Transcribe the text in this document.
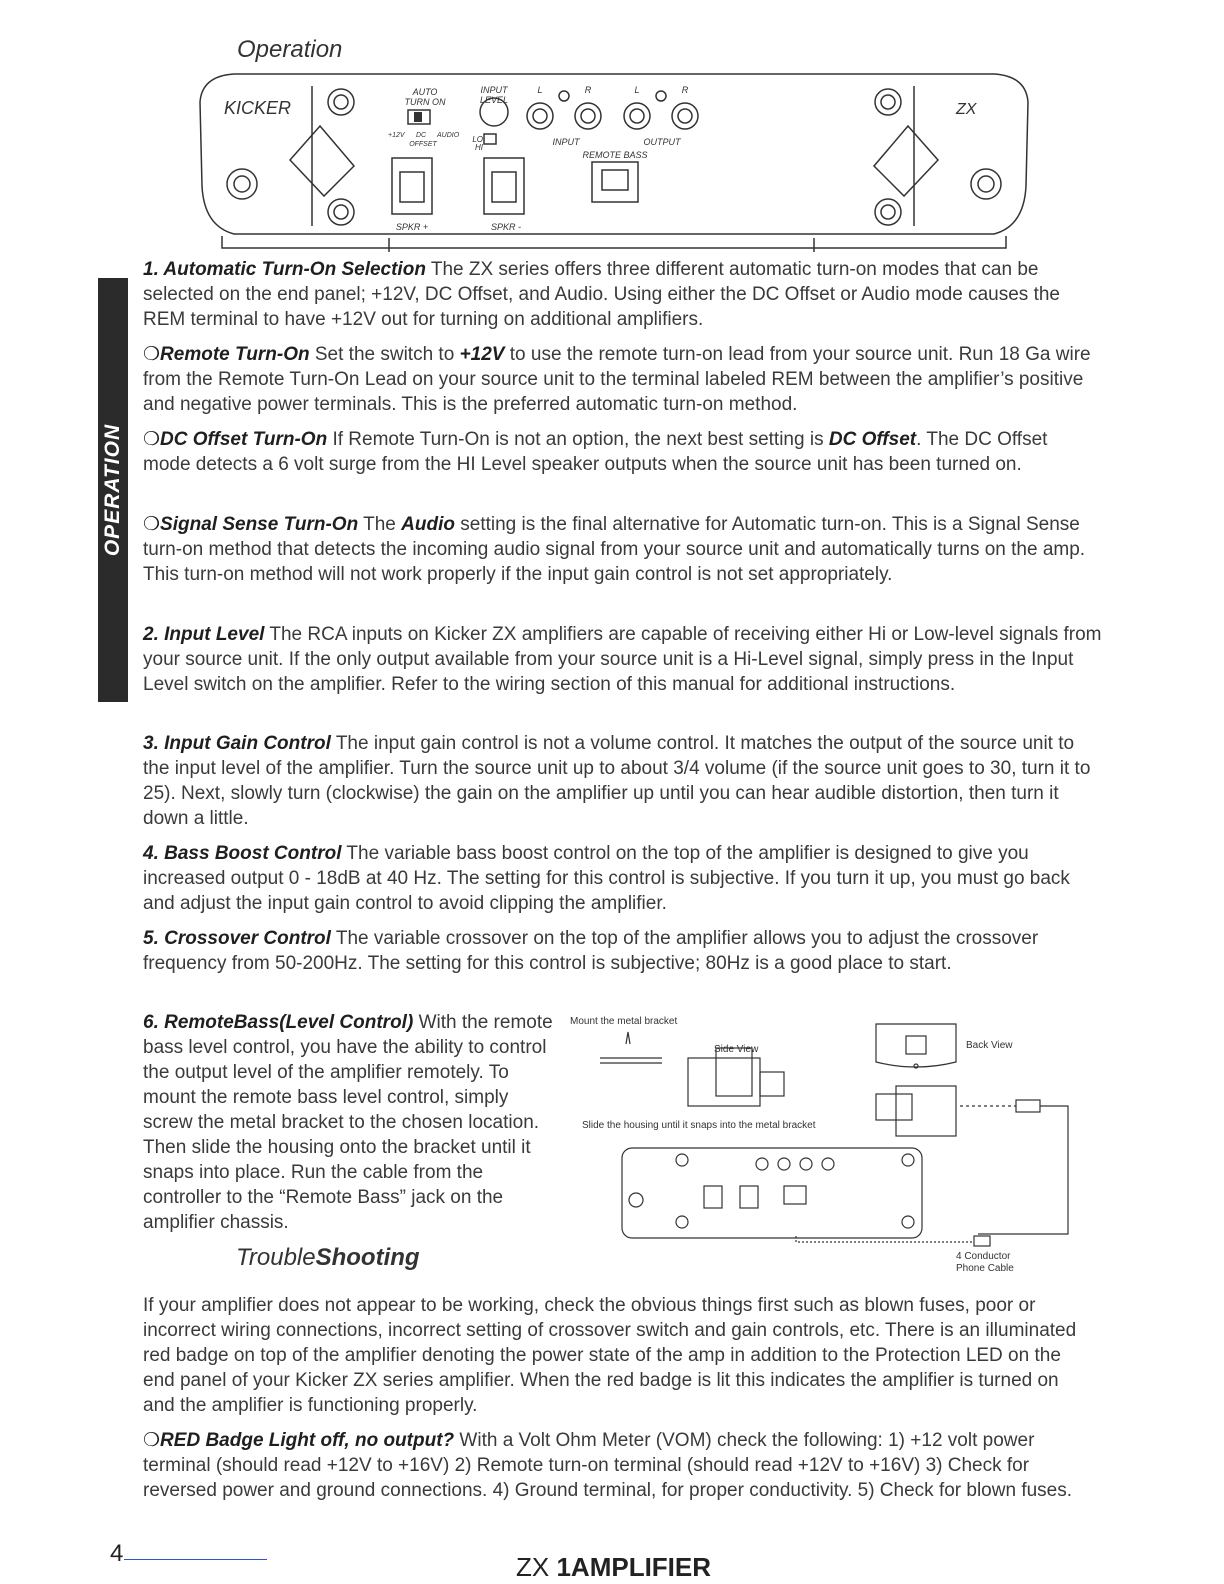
Operation
KICKER	ZX
AUTO
TURN ON
+12V DC AUDIO
OFFSET
INPUT
LEVEL
LO
HI
L	R	L	R
INPUT	OUTPUT
REMOTE BASS
SPKR +	SPKR -
OPERATION
1. Automatic Turn-On Selection The ZX series offers three different automatic turn-on modes that can be selected on the end panel; +12V, DC Offset, and Audio. Using either the DC Offset or Audio mode causes the REM terminal to have +12V out for turning on additional amplifiers.
❍Remote Turn-On Set the switch to +12V to use the remote turn-on lead from your source unit. Run 18 Ga wire from the Remote Turn-On Lead on your source unit to the terminal labeled REM between the amplifier’s positive and negative power terminals. This is the preferred automatic turn-on method.
❍DC Offset Turn-On If Remote Turn-On is not an option, the next best setting is DC Offset. The DC Offset mode detects a 6 volt surge from the HI Level speaker outputs when the source unit has been turned on.
❍Signal Sense Turn-On The Audio setting is the final alternative for Automatic turn-on. This is a Signal Sense turn-on method that detects the incoming audio signal from your source unit and automatically turns on the amp. This turn-on method will not work properly if the input gain control is not set appropriately.
2. Input Level The RCA inputs on Kicker ZX amplifiers are capable of receiving either Hi or Low-level signals from your source unit. If the only output available from your source unit is a Hi-Level signal, simply press in the Input Level switch on the amplifier. Refer to the wiring section of this manual for additional instructions.
3. Input Gain Control The input gain control is not a volume control. It matches the output of the source unit to the input level of the amplifier. Turn the source unit up to about 3/4 volume (if the source unit goes to 30, turn it to 25). Next, slowly turn (clockwise) the gain on the amplifier up until you can hear audible distortion, then turn it down a little.
4. Bass Boost Control The variable bass boost control on the top of the amplifier is designed to give you increased output 0 - 18dB at 40 Hz. The setting for this control is subjective. If you turn it up, you must go back and adjust the input gain control to avoid clipping the amplifier.
5. Crossover Control The variable crossover on the top of the amplifier allows you to adjust the crossover frequency from 50-200Hz. The setting for this control is subjective; 80Hz is a good place to start.
6. RemoteBass(Level Control) With the remote bass level control, you have the ability to control the output level of the amplifier remotely. To mount the remote bass level control, simply screw the metal bracket to the chosen location. Then slide the housing onto the bracket until it snaps into place. Run the cable from the controller to the “Remote Bass” jack on the amplifier chassis.
Mount the metal bracket
Side View	Back View
Slide the housing until it snaps into the metal bracket
4 Conductor
Phone Cable
TroubleShooting
If your amplifier does not appear to be working, check the obvious things first such as blown fuses, poor or incorrect wiring connections, incorrect setting of crossover switch and gain controls, etc. There is an illuminated red badge on top of the amplifier denoting the power state of the amp in addition to the Protection LED on the end panel of your Kicker ZX series amplifier. When the red badge is lit this indicates the amplifier is turned on and the amplifier is functioning properly.
❍RED Badge Light off, no output? With a Volt Ohm Meter (VOM) check the following: 1) +12 volt power terminal (should read +12V to +16V) 2) Remote turn-on terminal (should read +12V to +16V) 3) Check for reversed power and ground connections. 4) Ground terminal, for proper conductivity. 5) Check for blown fuses.
4	ZX 1AMPLIFIER
